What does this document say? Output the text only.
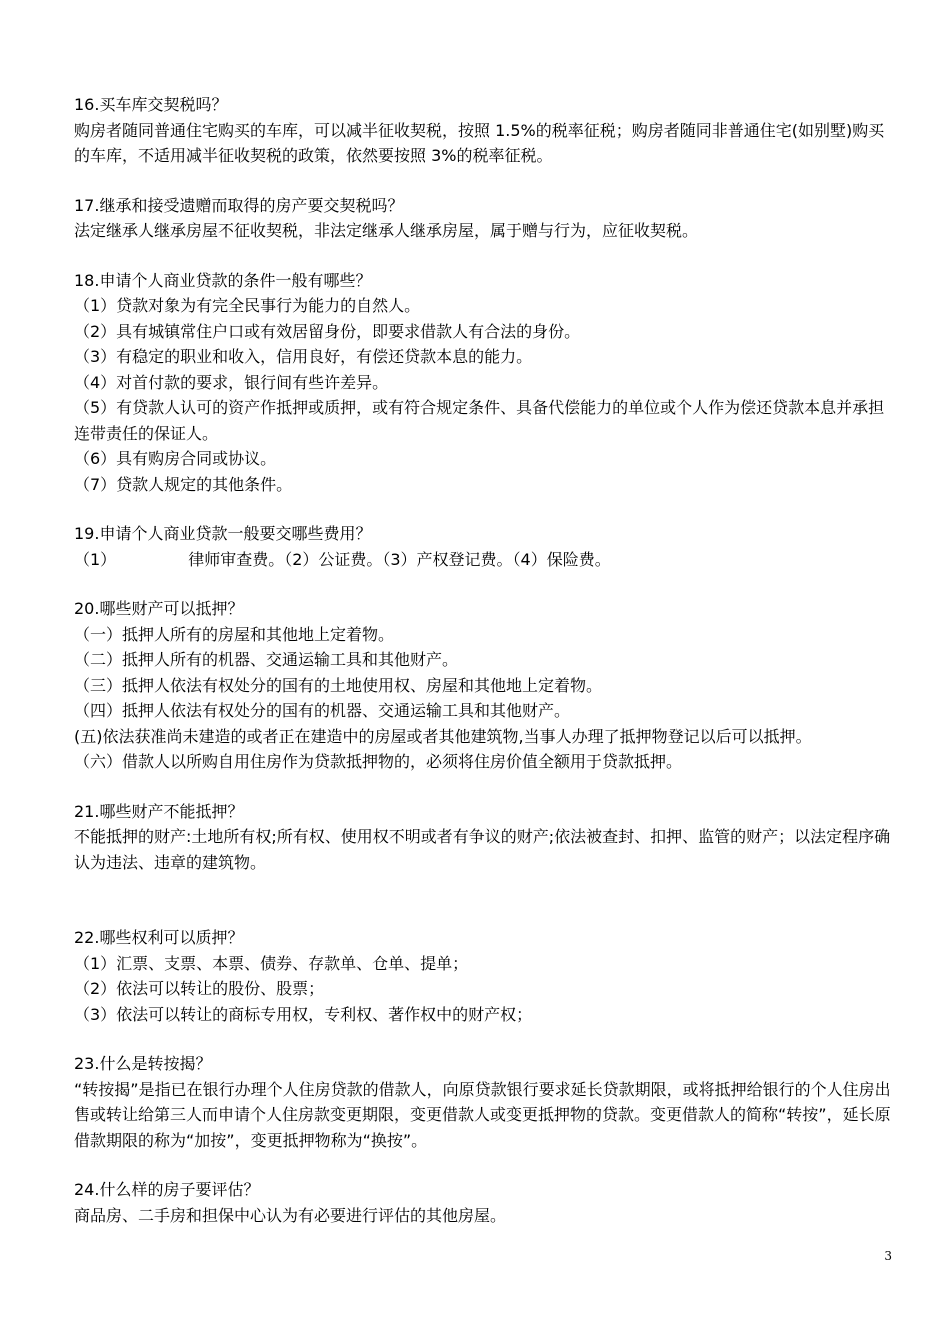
16.买车库交契税吗？

购房者随同普通住宅购买的车库，可以减半征收契税，按照 1.5%的税率征税；购房者随同非普通住宅(如别墅)购买的车库，不适用减半征收契税的政策，依然要按照 3%的税率征税。

17.继承和接受遗赠而取得的房产要交契税吗？

法定继承人继承房屋不征收契税，非法定继承人继承房屋，属于赠与行为，应征收契税。

18.申请个人商业贷款的条件一般有哪些？

（1）贷款对象为有完全民事行为能力的自然人。

（2）具有城镇常住户口或有效居留身份，即要求借款人有合法的身份。

（3）有稳定的职业和收入，信用良好，有偿还贷款本息的能力。

（4）对首付款的要求，银行间有些许差异。

（5）有贷款人认可的资产作抵押或质押，或有符合规定条件、具备代偿能力的单位或个人作为偿还贷款本息并承担连带责任的保证人。

（6）具有购房合同或协议。

（7）贷款人规定的其他条件。

19.申请个人商业贷款一般要交哪些费用？

（1）	律师审查费。（2）公证费。（3）产权登记费。（4）保险费。

20.哪些财产可以抵押？

（一）抵押人所有的房屋和其他地上定着物。

（二）抵押人所有的机器、交通运输工具和其他财产。

（三）抵押人依法有权处分的国有的土地使用权、房屋和其他地上定着物。

（四）抵押人依法有权处分的国有的机器、交通运输工具和其他财产。

(五)依法获准尚未建造的或者正在建造中的房屋或者其他建筑物,当事人办理了抵押物登记以后可以抵押。

（六）借款人以所购自用住房作为贷款抵押物的，必须将住房价值全额用于贷款抵押。

21.哪些财产不能抵押？

不能抵押的财产:土地所有权;所有权、使用权不明或者有争议的财产;依法被查封、扣押、监管的财产；以法定程序确认为违法、违章的建筑物。

22.哪些权利可以质押？

（1）汇票、支票、本票、债券、存款单、仓单、提单；

（2）依法可以转让的股份、股票；

（3）依法可以转让的商标专用权，专利权、著作权中的财产权；

23.什么是转按揭？

“转按揭”是指已在银行办理个人住房贷款的借款人，向原贷款银行要求延长贷款期限，或将抵押给银行的个人住房出售或转让给第三人而申请个人住房款变更期限，变更借款人或变更抵押物的贷款。变更借款人的简称“转按”，延长原借款期限的称为“加按”，变更抵押物称为“换按”。

24.什么样的房子要评估？

商品房、二手房和担保中心认为有必要进行评估的其他房屋。

3
